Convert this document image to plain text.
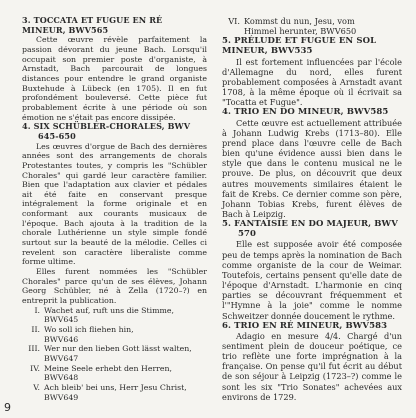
3. TOCCATA ET FUGUE EN RÉ MINEUR, BWV565

Cette œuvre révèle parfaitement la passion dévorant du jeune Bach. Lorsqu'il occupait son premier poste d'organiste, à Arnstadt, Bach parcourait de longues distances pour entendre le grand organiste Buxtehude à Lübeck (en 1705). Il en fut profondément bouleversé. Cette pièce fut probablement écrite à une période où son émotion ne s'était pas encore dissipée.

4. SIX SCHÜBLER-CHORALES, BWV
645-650

Les œuvres d'orgue de Bach des dernières années sont des arrangements de chorals Protestantes toutes, y compris les "Schübler Chorales" qui gardé leur caractère familier. Bien que l'adaptation aux clavier et pédales ait été faite en conservant presque intégralement la forme originale et en conformant aux courants musicaux de l'époque. Bach ajouta à la tradition de la chorale Luthérienne un style simple fondé surtout sur la beauté de la mélodie. Celles ci revelent son caractère liberaliste comme forme ultime.

Elles furent nommées les "Schübler Chorales" parce qu'un de ses élèves, Johann Georg Schübler, né à Zella (1720–?) en entreprit la publication.

I. Wachet auf, ruft uns die Stimme,
BWV645
II. Wo soll ich fliehen hin,
BWV646
III. Wer nur den lieben Gott lässt walten,
BWV647
IV. Meine Seele erhebt den Herren,
BWV648
V. Ach bleib' bei uns, Herr Jesu Christ,
BWV649
VI. Kommst du nun, Jesu, vom
Himmel herunter, BWV650
5. PRÉLUDE ET FUGUE EN SOL MINEUR, BWV535

Il est fortement influencées par l'école d'Allemagne du nord, elles furent probablement composées à Arnstadt avant 1708, à la même époque où il écrivait sa "Tocatta et Fugue".

4. TRIO EN DO MINEUR, BWV585

Cette œuvre est actuellement attribuée à Johann Ludwig Krebs (1713–80). Elle prend place dans l'œuvre celle de Bach bien qu'une évidence aussi bien dans le style que dans le contenu musical ne le prouve. De plus, on découvrit que deux autres mouvements similaires étaient le fait de Krebs. Ce dernier comme son père, Johann Tobias Krebs, furent élèves de Bach à Leipzig.

5. FANTAISIE EN DO MAJEUR, BWV
570

Elle est supposée avoir été composée peu de temps après la nomination de Bach comme organiste de la cour de Weimar. Toutefois, certains pensent qu'elle date de l'époque d'Arnstadt. L'harmonie en cinq parties se découvrant fréquemment et l'"Hymne à la joie" comme le nomme Schweitzer donnée doucement le rythme.

6. TRIO EN RÉ MINEUR, BWV583

Adagio en mesure 4/4. Chargé d'un sentiment plein de douceur poétique, ce trio reflète une forte imprégnation à la française. On pense qu'il fut écrit au début de son séjour à Leipzig (1723–?) comme le sont les six "Trio Sonates" achevées aux environs de 1729.

9
